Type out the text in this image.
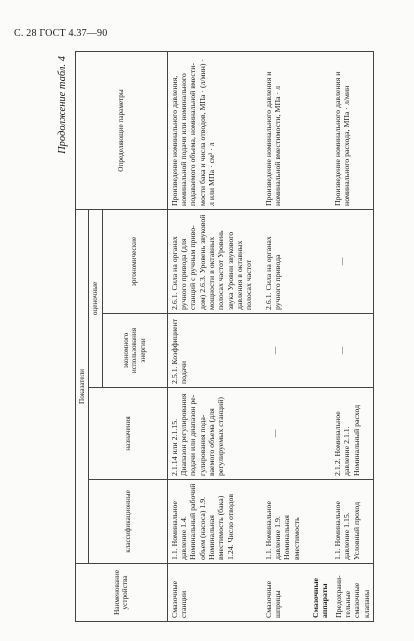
С. 28 ГОСТ 4.37—90
Продолжение табл. 4
Наименование устройства	Показатели				Определяющие параметры
	классификационные	назначения	оценочные		
			экономного использования энергии	эргономические	
Смазочные станции	1.1. Номинальное давление 1.4. Номинальный рабочий объем (насоса) 1.9. Номинальная вместимость (бака) 1.24. Число отводов	2.1.14 или 2.1.15. Диапазон регулирования подачи или диапазон регулирования подаваемого объема (для регулируемых станций)	2.5.1. Коэффициент подачи	2.6.1. Сила на органах ручного привода (для станций с ручным приводом) 2.6.3. Уровень звуковой мощности в октавных полосах частот Уровень звука Уровни звукового давления в октавных полосах частот	Произведение номинального давления, номинальной подачи или номинального подаваемого объема, номинальной вместимости бака и числа отводов, МПа · (л/мин) · л или МПа · см³ · л
Смазочные шприцы	1.1. Номинальное давление 1.9. Номинальная вместимость	—	—	2.6.1. Сила на органах ручного привода	Произведение номинального давления и номинальной вместимости, МПа · л

Смазочные аппараты Предохранительные смазочные клапаны	1.1. Номинальное давление 1.15. Условный проход	2.1.2. Номинальное давление 2.1.1. Номинальный расход	—	—	Произведение номинального давления и номинального расхода, МПа · л/мин
